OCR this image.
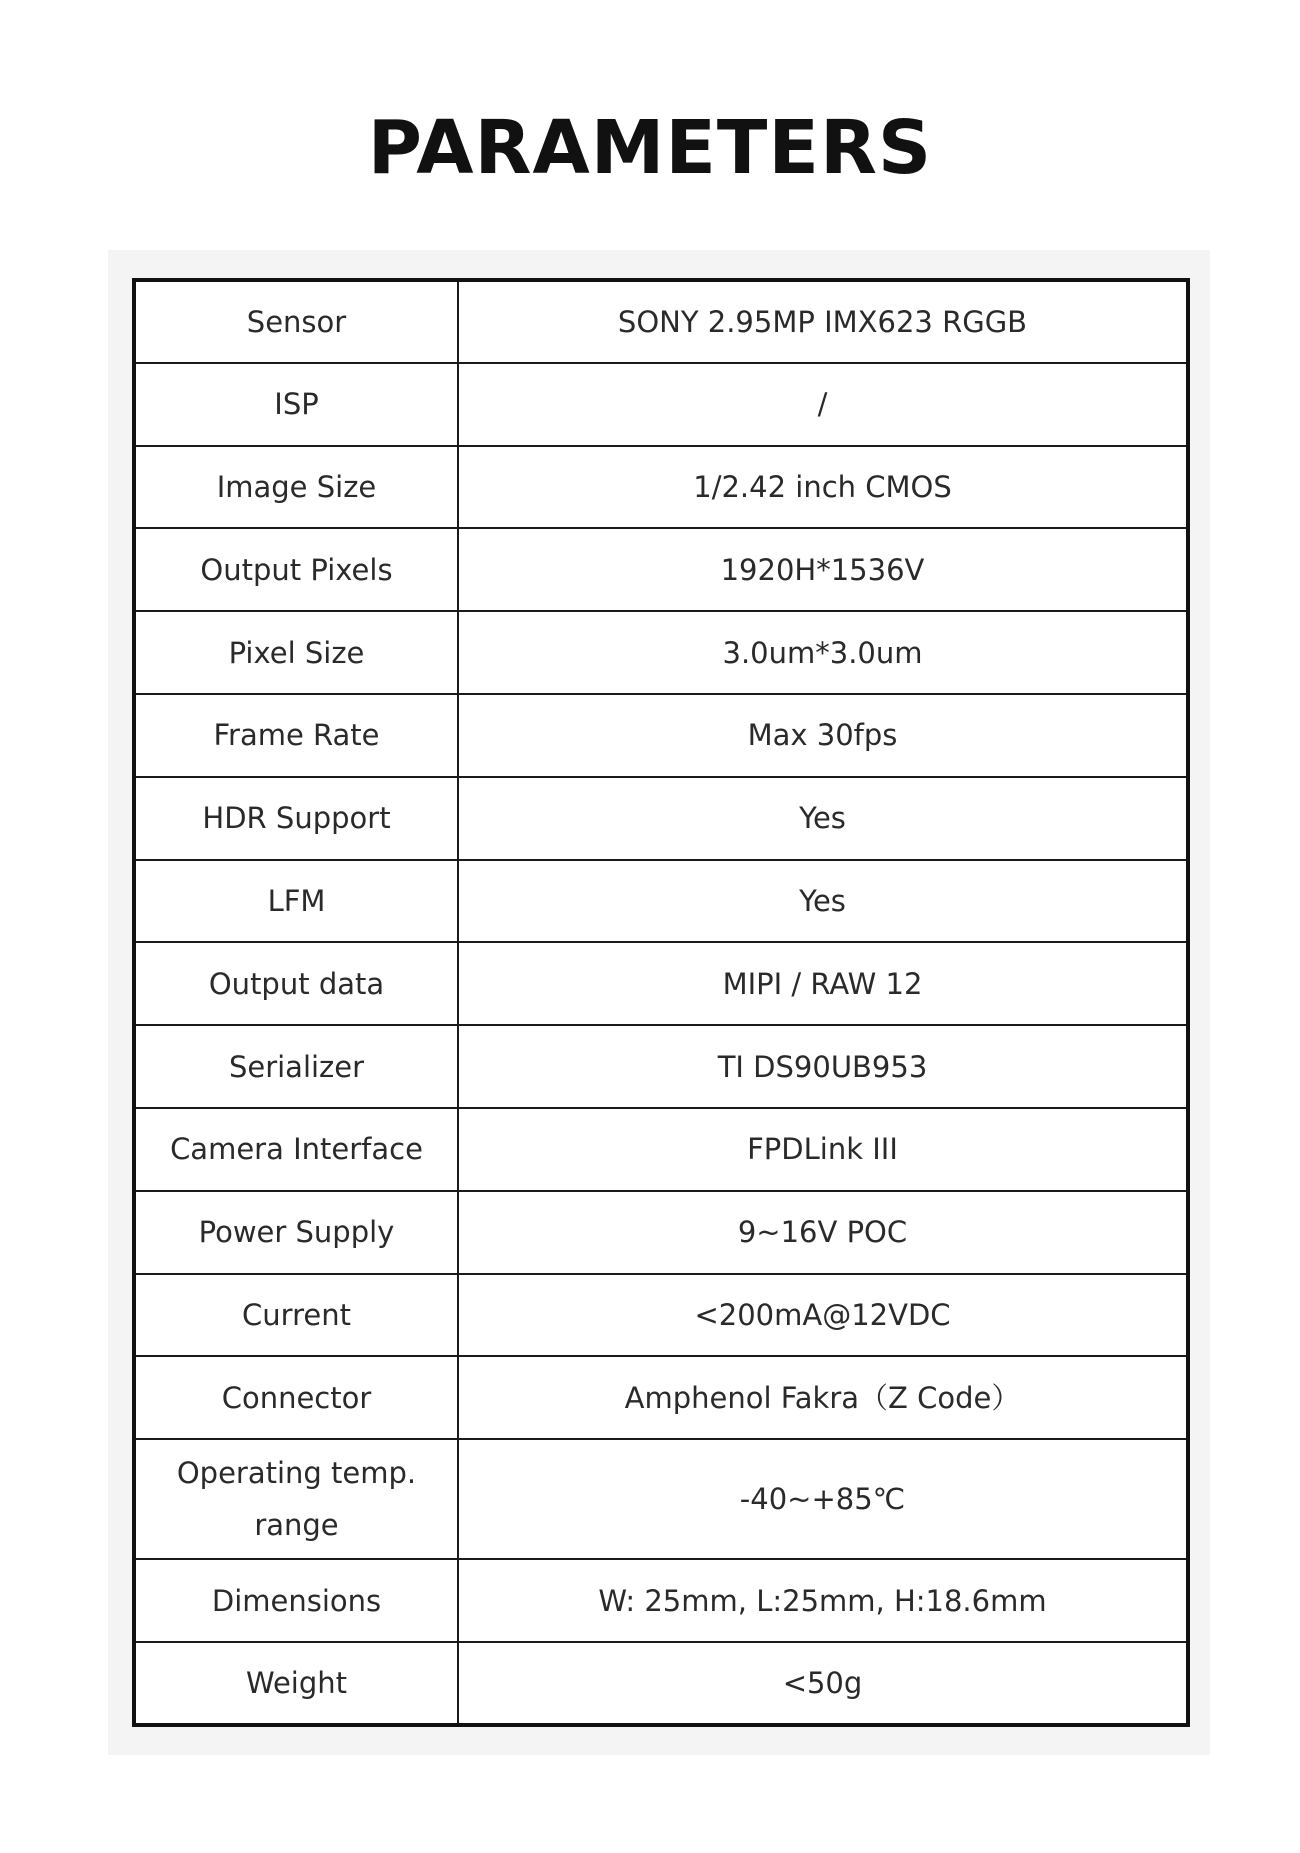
PARAMETERS
Sensor	SONY 2.95MP IMX623 RGGB
ISP	/
Image Size	1/2.42 inch CMOS
Output Pixels	1920H*1536V
Pixel Size	3.0um*3.0um
Frame Rate	Max 30fps
HDR Support	Yes
LFM	Yes
Output data	MIPI / RAW 12
Serializer	TI DS90UB953
Camera Interface	FPDLink III
Power Supply	9~16V POC
Current	<200mA@12VDC
Connector	Amphenol Fakra（Z Code）
Operating temp. range	-40~+85℃
Dimensions	W: 25mm, L:25mm, H:18.6mm
Weight	<50g
